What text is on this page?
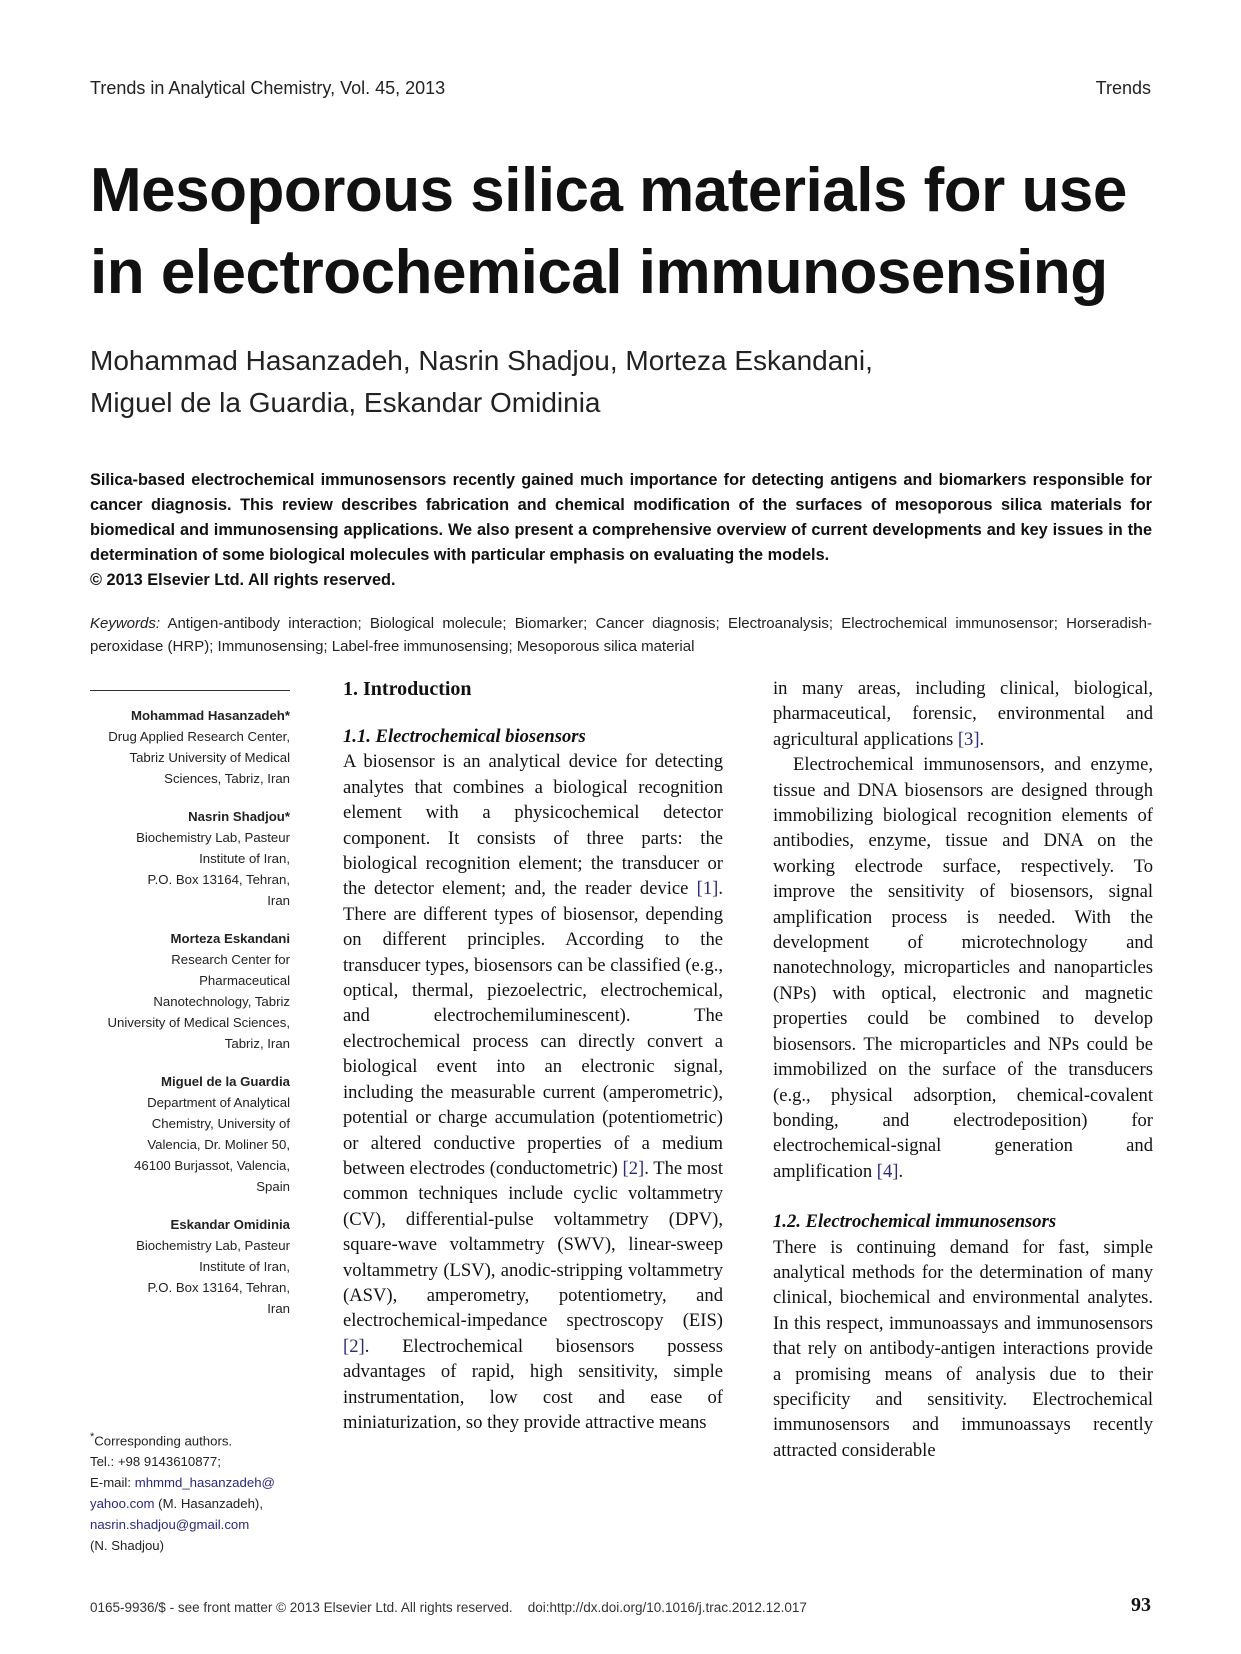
Trends in Analytical Chemistry, Vol. 45, 2013	Trends
Mesoporous silica materials for use
in electrochemical immunosensing
Mohammad Hasanzadeh, Nasrin Shadjou, Morteza Eskandani,
Miguel de la Guardia, Eskandar Omidinia
Silica-based electrochemical immunosensors recently gained much importance for detecting antigens and biomarkers responsible for cancer diagnosis. This review describes fabrication and chemical modification of the surfaces of mesoporous silica materials for biomedical and immunosensing applications. We also present a comprehensive overview of current developments and key issues in the determination of some biological molecules with particular emphasis on evaluating the models.
© 2013 Elsevier Ltd. All rights reserved.
Keywords: Antigen-antibody interaction; Biological molecule; Biomarker; Cancer diagnosis; Electroanalysis; Electrochemical immunosensor; Horseradish-peroxidase (HRP); Immunosensing; Label-free immunosensing; Mesoporous silica material
Mohammad Hasanzadeh*
Drug Applied Research Center,
Tabriz University of Medical
Sciences, Tabriz, Iran
Nasrin Shadjou*
Biochemistry Lab, Pasteur
Institute of Iran,
P.O. Box 13164, Tehran,
Iran
Morteza Eskandani
Research Center for
Pharmaceutical
Nanotechnology, Tabriz
University of Medical Sciences,
Tabriz, Iran
Miguel de la Guardia
Department of Analytical
Chemistry, University of
Valencia, Dr. Moliner 50,
46100 Burjassot, Valencia,
Spain
Eskandar Omidinia
Biochemistry Lab, Pasteur
Institute of Iran,
P.O. Box 13164, Tehran,
Iran
*Corresponding authors.
Tel.: +98 9143610877;
E-mail: mhmmd_hasanzadeh@
yahoo.com (M. Hasanzadeh),
nasrin.shadjou@gmail.com
(N. Shadjou)
1. Introduction
1.1. Electrochemical biosensors

A biosensor is an analytical device for detecting analytes that combines a biological recognition element with a physicochemical detector component. It consists of three parts: the biological recognition element; the transducer or the detector element; and, the reader device [1]. There are different types of biosensor, depending on different principles. According to the transducer types, biosensors can be classified (e.g., optical, thermal, piezoelectric, electrochemical, and electrochemiluminescent). The electrochemical process can directly convert a biological event into an electronic signal, including the measurable current (amperometric), potential or charge accumulation (potentiometric) or altered conductive properties of a medium between electrodes (conductometric) [2]. The most common techniques include cyclic voltammetry (CV), differential-pulse voltammetry (DPV), square-wave voltammetry (SWV), linear-sweep voltammetry (LSV), anodic-stripping voltammetry (ASV), amperometry, potentiometry, and electrochemical-impedance spectroscopy (EIS) [2]. Electrochemical biosensors possess advantages of rapid, high sensitivity, simple instrumentation, low cost and ease of miniaturization, so they provide attractive means

in many areas, including clinical, biological, pharmaceutical, forensic, environmental and agricultural applications [3].

Electrochemical immunosensors, and enzyme, tissue and DNA biosensors are designed through immobilizing biological recognition elements of antibodies, enzyme, tissue and DNA on the working electrode surface, respectively. To improve the sensitivity of biosensors, signal amplification process is needed. With the development of microtechnology and nanotechnology, microparticles and nanoparticles (NPs) with optical, electronic and magnetic properties could be combined to develop biosensors. The microparticles and NPs could be immobilized on the surface of the transducers (e.g., physical adsorption, chemical-covalent bonding, and electrodeposition) for electrochemical-signal generation and amplification [4].

1.2. Electrochemical immunosensors

There is continuing demand for fast, simple analytical methods for the determination of many clinical, biochemical and environmental analytes. In this respect, immunoassays and immunosensors that rely on antibody-antigen interactions provide a promising means of analysis due to their specificity and sensitivity. Electrochemical immunosensors and immunoassays recently attracted considerable

0165-9936/$ - see front matter © 2013 Elsevier Ltd. All rights reserved. doi:http://dx.doi.org/10.1016/j.trac.2012.12.017	93
